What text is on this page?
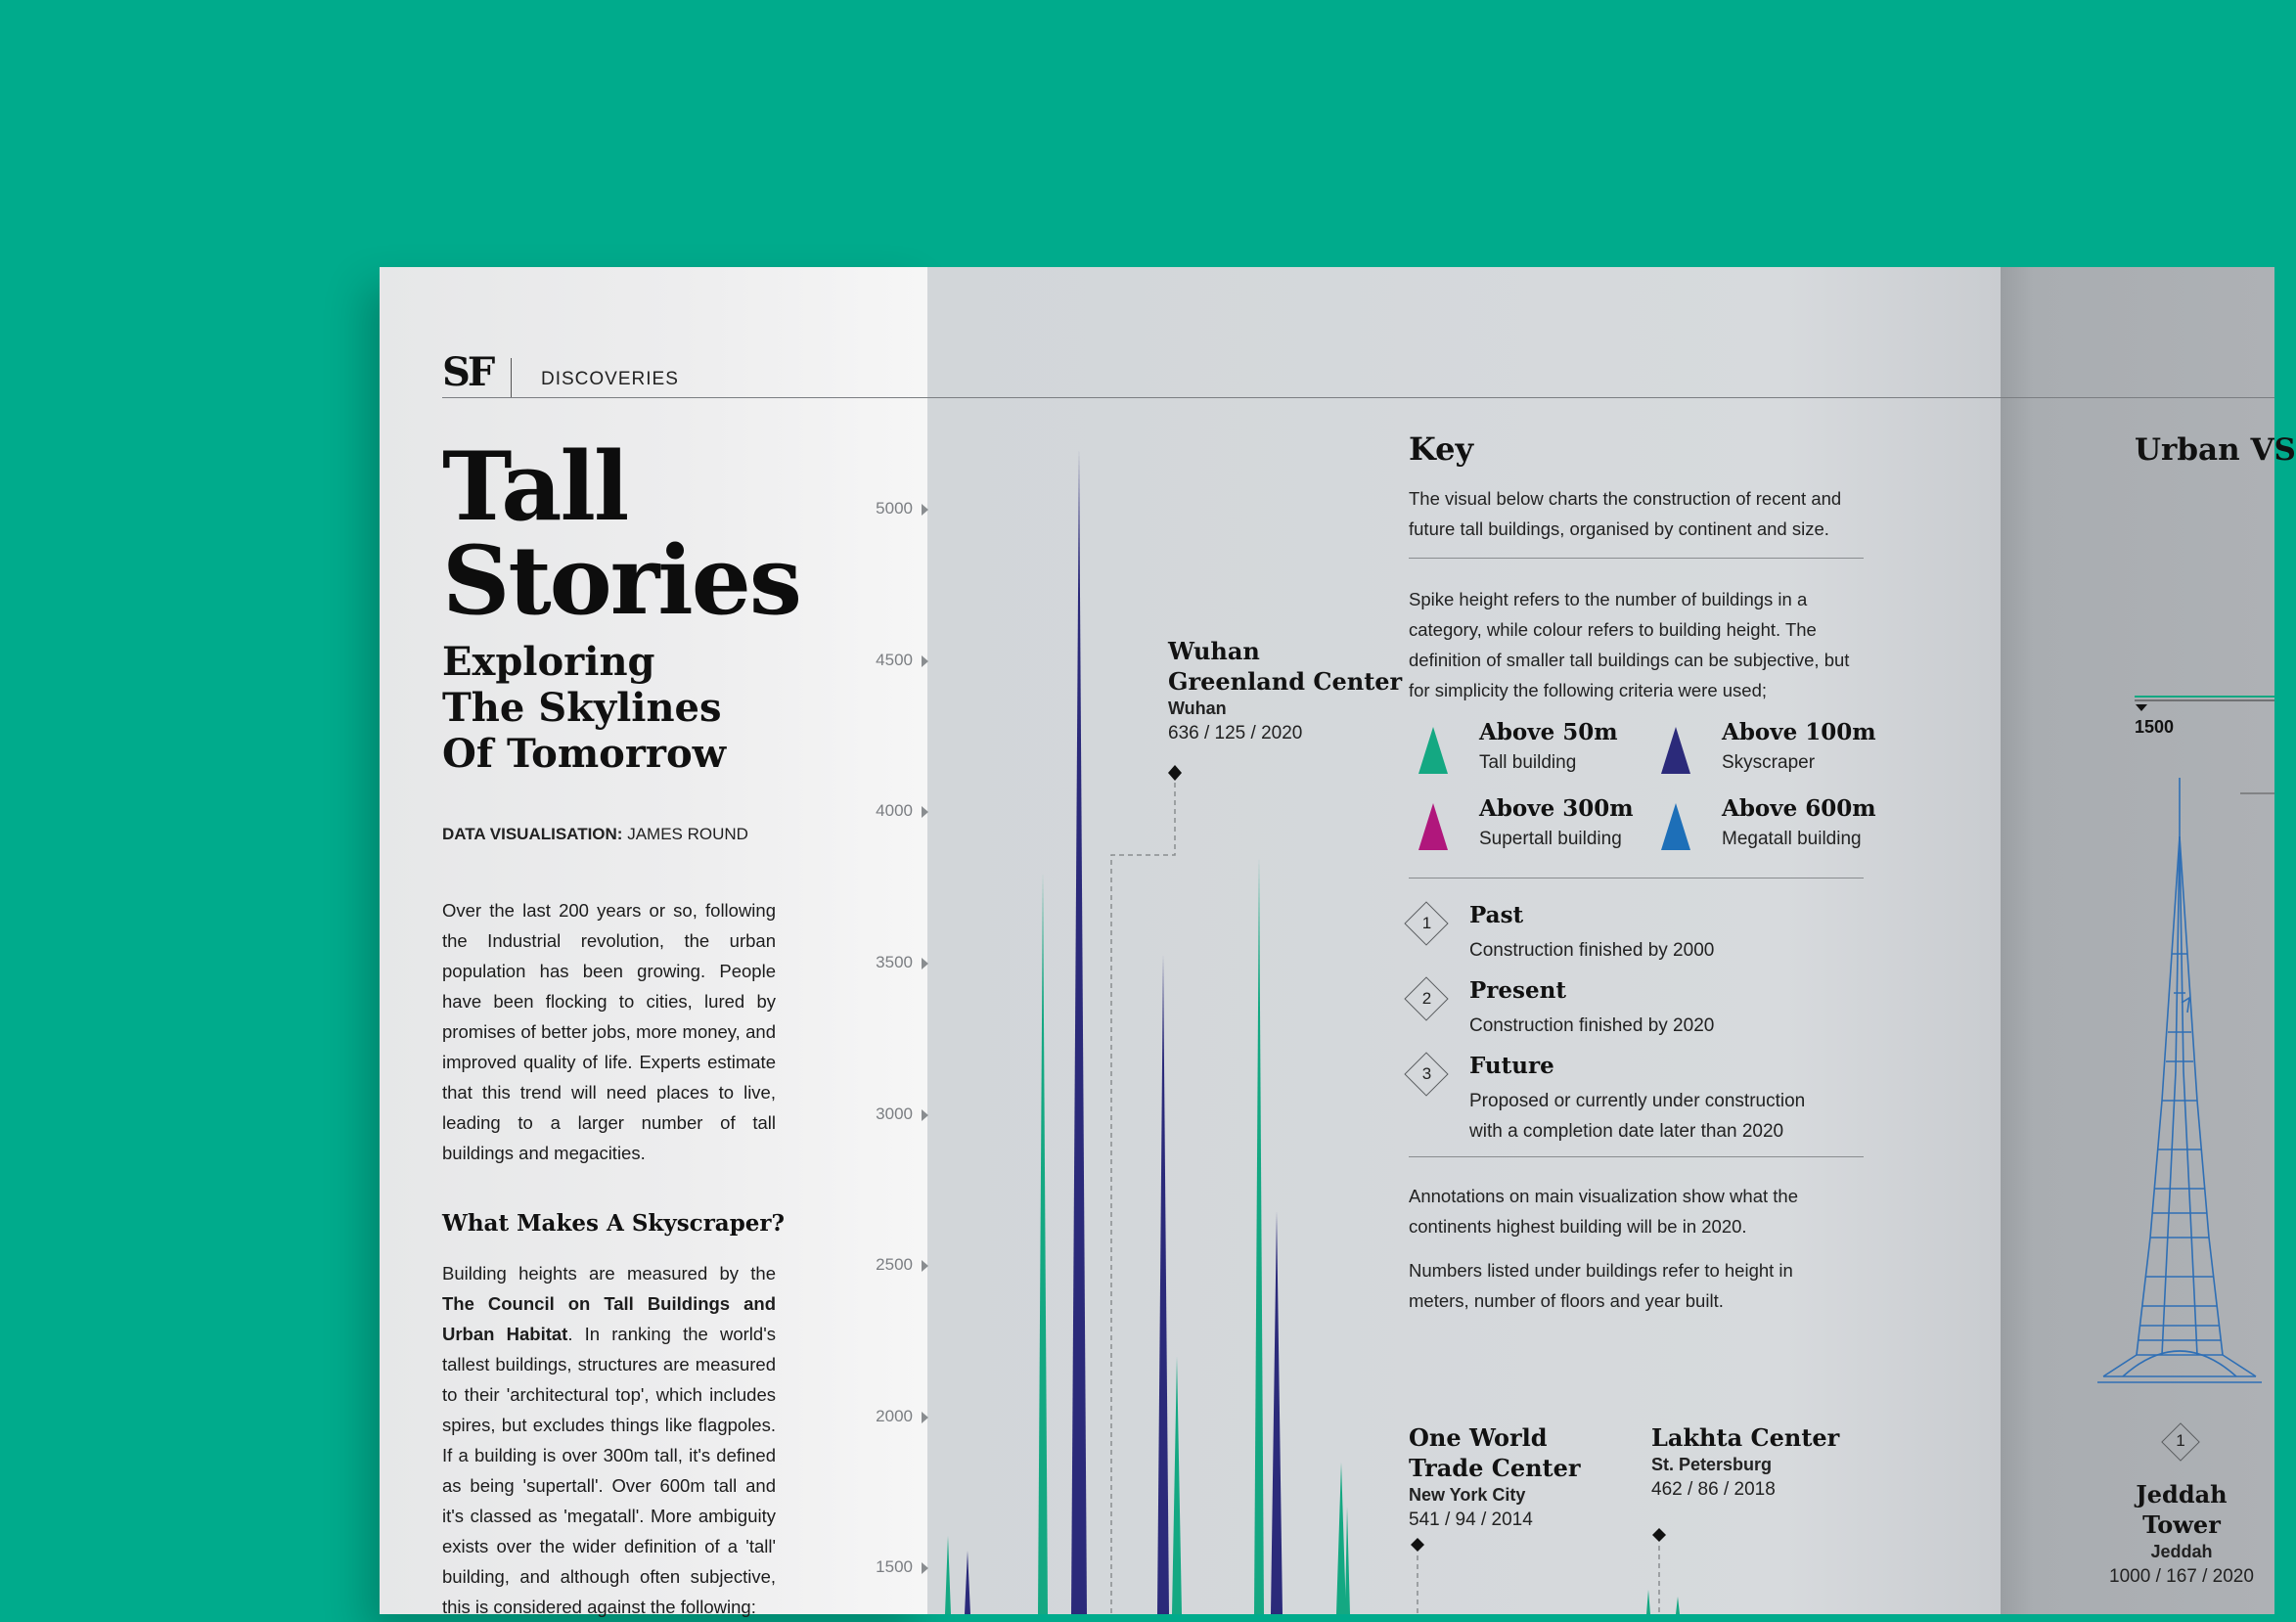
SF	DISCOVERIES
Tall
Stories
Exploring
The Skylines
Of Tomorrow
DATA VISUALISATION: JAMES ROUND
Over the last 200 years or so, following the Industrial revolution, the urban population has been growing. People have been flocking to cities, lured by promises of better jobs, more money, and improved quality of life. Experts estimate that this trend will need places to live, leading to a larger number of tall buildings and megacities.
What Makes A Skyscraper?
Building heights are measured by the The Council on Tall Buildings and Urban Habitat. In ranking the world's tallest buildings, structures are measured to their 'architectural top', which includes spires, but excludes things like flagpoles. If a building is over 300m tall, it's defined as being 'supertall'. Over 600m tall and it's classed as 'megatall'. More ambiguity exists over the wider definition of a 'tall' building, and although often subjective, this is considered against the following:
5000
4500
4000
3500
3000
2500
2000
1500
Wuhan
Greenland Center
Wuhan
636 / 125 / 2020
Key
The visual below charts the construction of recent and future tall buildings, organised by continent and size.
Spike height refers to the number of buildings in a category, while colour refers to building height. The definition of smaller tall buildings can be subjective, but for simplicity the following criteria were used;
Above 50m
Tall building
Above 100m
Skyscraper
Above 300m
Supertall building
Above 600m
Megatall building
1	Past
Construction finished by 2000
2	Present
Construction finished by 2020
3	Future
Proposed or currently under construction
with a completion date later than 2020
Annotations on main visualization show what the continents highest building will be in 2020.
Numbers listed under buildings refer to height in meters, number of floors and year built.
One World
Trade Center
New York City
541 / 94 / 2014
Lakhta Center
St. Petersburg
462 / 86 / 2018
Urban VS
1500
1
Jeddah
Tower
Jeddah
1000 / 167 / 2020
